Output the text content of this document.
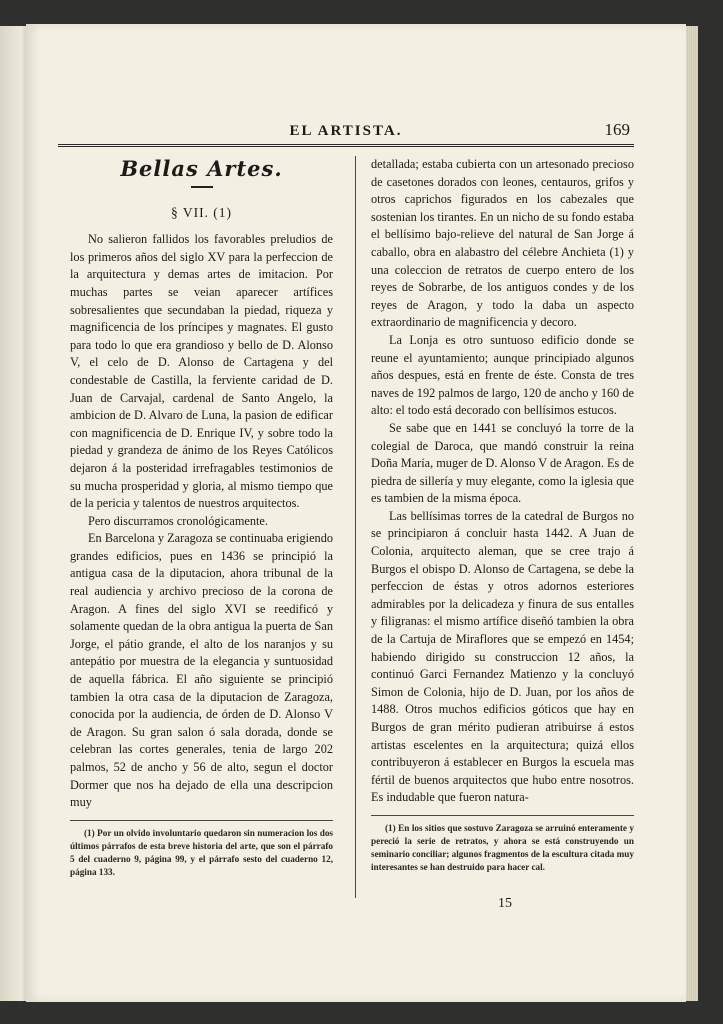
EL ARTISTA.	169
Bellas Artes.
§ VII. (1)

No salieron fallidos los favorables preludios de los primeros años del siglo XV para la perfeccion de la arquitectura y demas artes de imitacion. Por muchas partes se veian aparecer artífices sobresalientes que secundaban la piedad, riqueza y magnificencia de los príncipes y magnates. El gusto para todo lo que era grandioso y bello de D. Alonso V, el celo de D. Alonso de Cartagena y del condestable de Castilla, la ferviente caridad de D. Juan de Carvajal, cardenal de Santo Angelo, la ambicion de D. Alvaro de Luna, la pasion de edificar con magnificencia de D. Enrique IV, y sobre todo la piedad y grandeza de ánimo de los Reyes Católicos dejaron á la posteridad irrefragables testimonios de su mucha prosperidad y gloria, al mismo tiempo que de la pericia y talentos de nuestros arquitectos.

Pero discurramos cronológicamente.

En Barcelona y Zaragoza se continuaba erigiendo grandes edificios, pues en 1436 se principió la antigua casa de la diputacion, ahora tribunal de la real audiencia y archivo precioso de la corona de Aragon. A fines del siglo XVI se reedificó y solamente quedan de la obra antigua la puerta de San Jorge, el pátio grande, el alto de los naranjos y su antepátio por muestra de la elegancia y suntuosidad de aquella fábrica. El año siguiente se principió tambien la otra casa de la diputacion de Zaragoza, conocida por la audiencia, de órden de D. Alonso V de Aragon. Su gran salon ó sala dorada, donde se celebran las cortes generales, tenia de largo 202 palmos, 52 de ancho y 56 de alto, segun el doctor Dormer que nos ha dejado de ella una descripcion muy

(1) Por un olvido involuntario quedaron sin numeracion los dos últimos párrafos de esta breve historia del arte, que son el párrafo 5 del cuaderno 9, página 99, y el párrafo sesto del cuaderno 12, página 133.

detallada; estaba cubierta con un artesonado precioso de casetones dorados con leones, centauros, grifos y otros caprichos figurados en los cabezales que sostenian los tirantes. En un nicho de su fondo estaba el bellísimo bajo-relieve del natural de San Jorge á caballo, obra en alabastro del célebre Anchieta (1) y una coleccion de retratos de cuerpo entero de los reyes de Sobrarbe, de los antiguos condes y de los reyes de Aragon, y todo la daba un aspecto extraordinario de magnificencia y decoro.

La Lonja es otro suntuoso edificio donde se reune el ayuntamiento; aunque principiado algunos años despues, está en frente de éste. Consta de tres naves de 192 palmos de largo, 120 de ancho y 160 de alto: el todo está decorado con bellísimos estucos.

Se sabe que en 1441 se concluyó la torre de la colegial de Daroca, que mandó construir la reina Doña María, muger de D. Alonso V de Aragon. Es de piedra de sillería y muy elegante, como la iglesia que es tambien de la misma época.

Las bellísimas torres de la catedral de Burgos no se principiaron á concluir hasta 1442. A Juan de Colonia, arquitecto aleman, que se cree trajo á Burgos el obispo D. Alonso de Cartagena, se debe la perfeccion de éstas y otros adornos esteriores admirables por la delicadeza y finura de sus entalles y filigranas: el mismo artífice diseñó tambien la obra de la Cartuja de Miraflores que se empezó en 1454; habiendo dirigido su construccion 12 años, la continuó Garci Fernandez Matienzo y la concluyó Simon de Colonia, hijo de D. Juan, por los años de 1488. Otros muchos edificios góticos que hay en Burgos de gran mérito pudieran atribuirse á estos artistas escelentes en la arquitectura; quizá ellos contribuyeron á establecer en Burgos la escuela mas fértil de buenos arquitectos que hubo entre nosotros. Es indudable que fueron natura-

(1) En los sitios que sostuvo Zaragoza se arruinó enteramente y pereció la serie de retratos, y ahora se está construyendo un seminario conciliar; algunos fragmentos de la escultura citada muy interesantes se han destruido para hacer cal.

15
